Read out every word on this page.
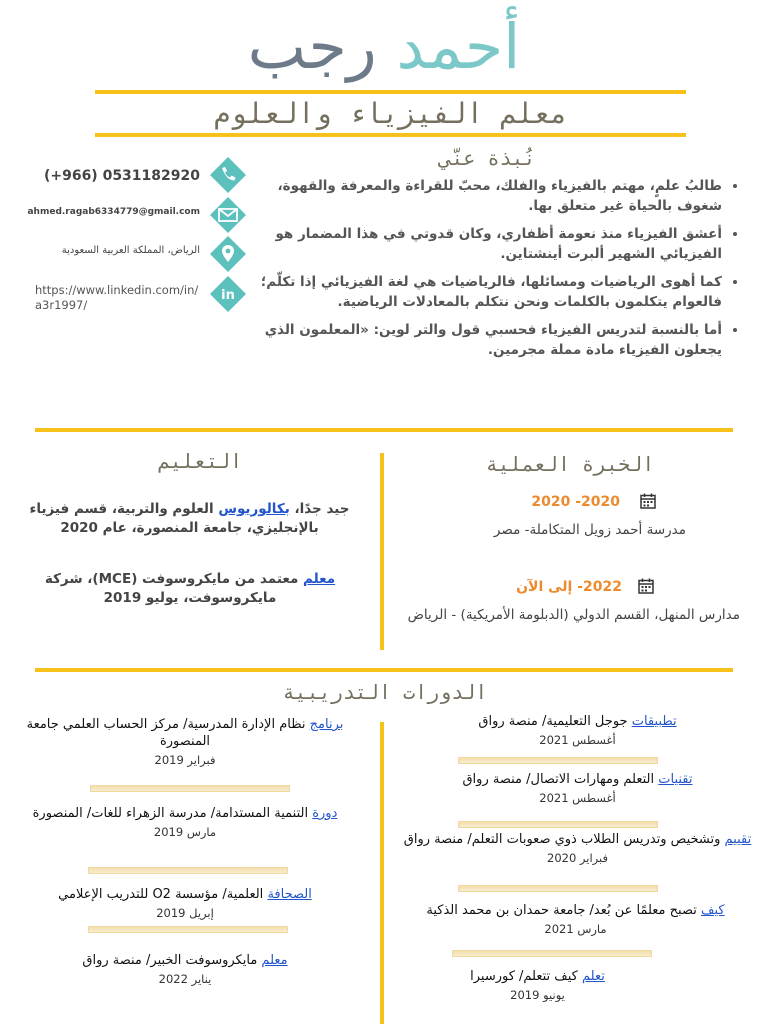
أحمد رجب
معلم الفيزياء والعلوم
نُبذة عنّي
• طالبُ علمٍ، مهتم بالفيزياء والفلك، محبّ للقراءة والمعرفة والقهوة، شغوف بالحياة غير متعلق بها.
• أعشق الفيزياء منذ نعومة أظفاري، وكان قدوتي في هذا المضمار هو الفيزيائي الشهير ألبرت أينشتاين.
• كما أهوى الرياضيات ومسائلها، فالرياضيات هي لغة الفيزيائي إذا تكلّم؛ فالعوام يتكلمون بالكلمات ونحن نتكلم بالمعادلات الرياضية.
• أما بالنسبة لتدريس الفيزياء فحسبي قول والتر لوين: «المعلمون الذي يجعلون الفيزياء مادة مملة مجرمين.
in
(+966) 0531182920
ahmed.ragab6334779@gmail.com
الرياض، المملكة العربية السعودية
https://www.linkedin.com/in/a3r1997/
الخبرة العملية
التعليم
2020 -2020
مدرسة أحمد زويل المتكاملة- مصر
2022- إلى الآن
مدارس المنهل، القسم الدولي (الدبلومة الأمريكية) - الرياض
جيد جدًا، بكالوريوس العلوم والتربية، قسم فيزياء بالإنجليزي، جامعة المنصورة، عام 2020
معلم معتمد من مايكروسوفت (MCE)، شركة مايكروسوفت، يوليو 2019
الدورات التدريبية
برنامج نظام الإدارة المدرسية/ مركز الحساب العلمي جامعة المنصورة
فبراير 2019
دورة التنمية المستدامة/ مدرسة الزهراء للغات/ المنصورة
مارس 2019
الصحافة العلمية/ مؤسسة O2 للتدريب الإعلامي
إبريل 2019
معلم مايكروسوفت الخبير/ منصة رواق
يناير 2022
تطبيقات جوجل التعليمية/ منصة رواق
أغسطس 2021
تقنيات التعلم ومهارات الاتصال/ منصة رواق
أغسطس 2021
تقييم وتشخيص وتدريس الطلاب ذوي صعوبات التعلم/ منصة رواق
فبراير 2020
كيف تصبح معلمًا عن بُعد/ جامعة حمدان بن محمد الذكية
مارس 2021
تعلم كيف تتعلم/ كورسيرا
يونيو 2019
